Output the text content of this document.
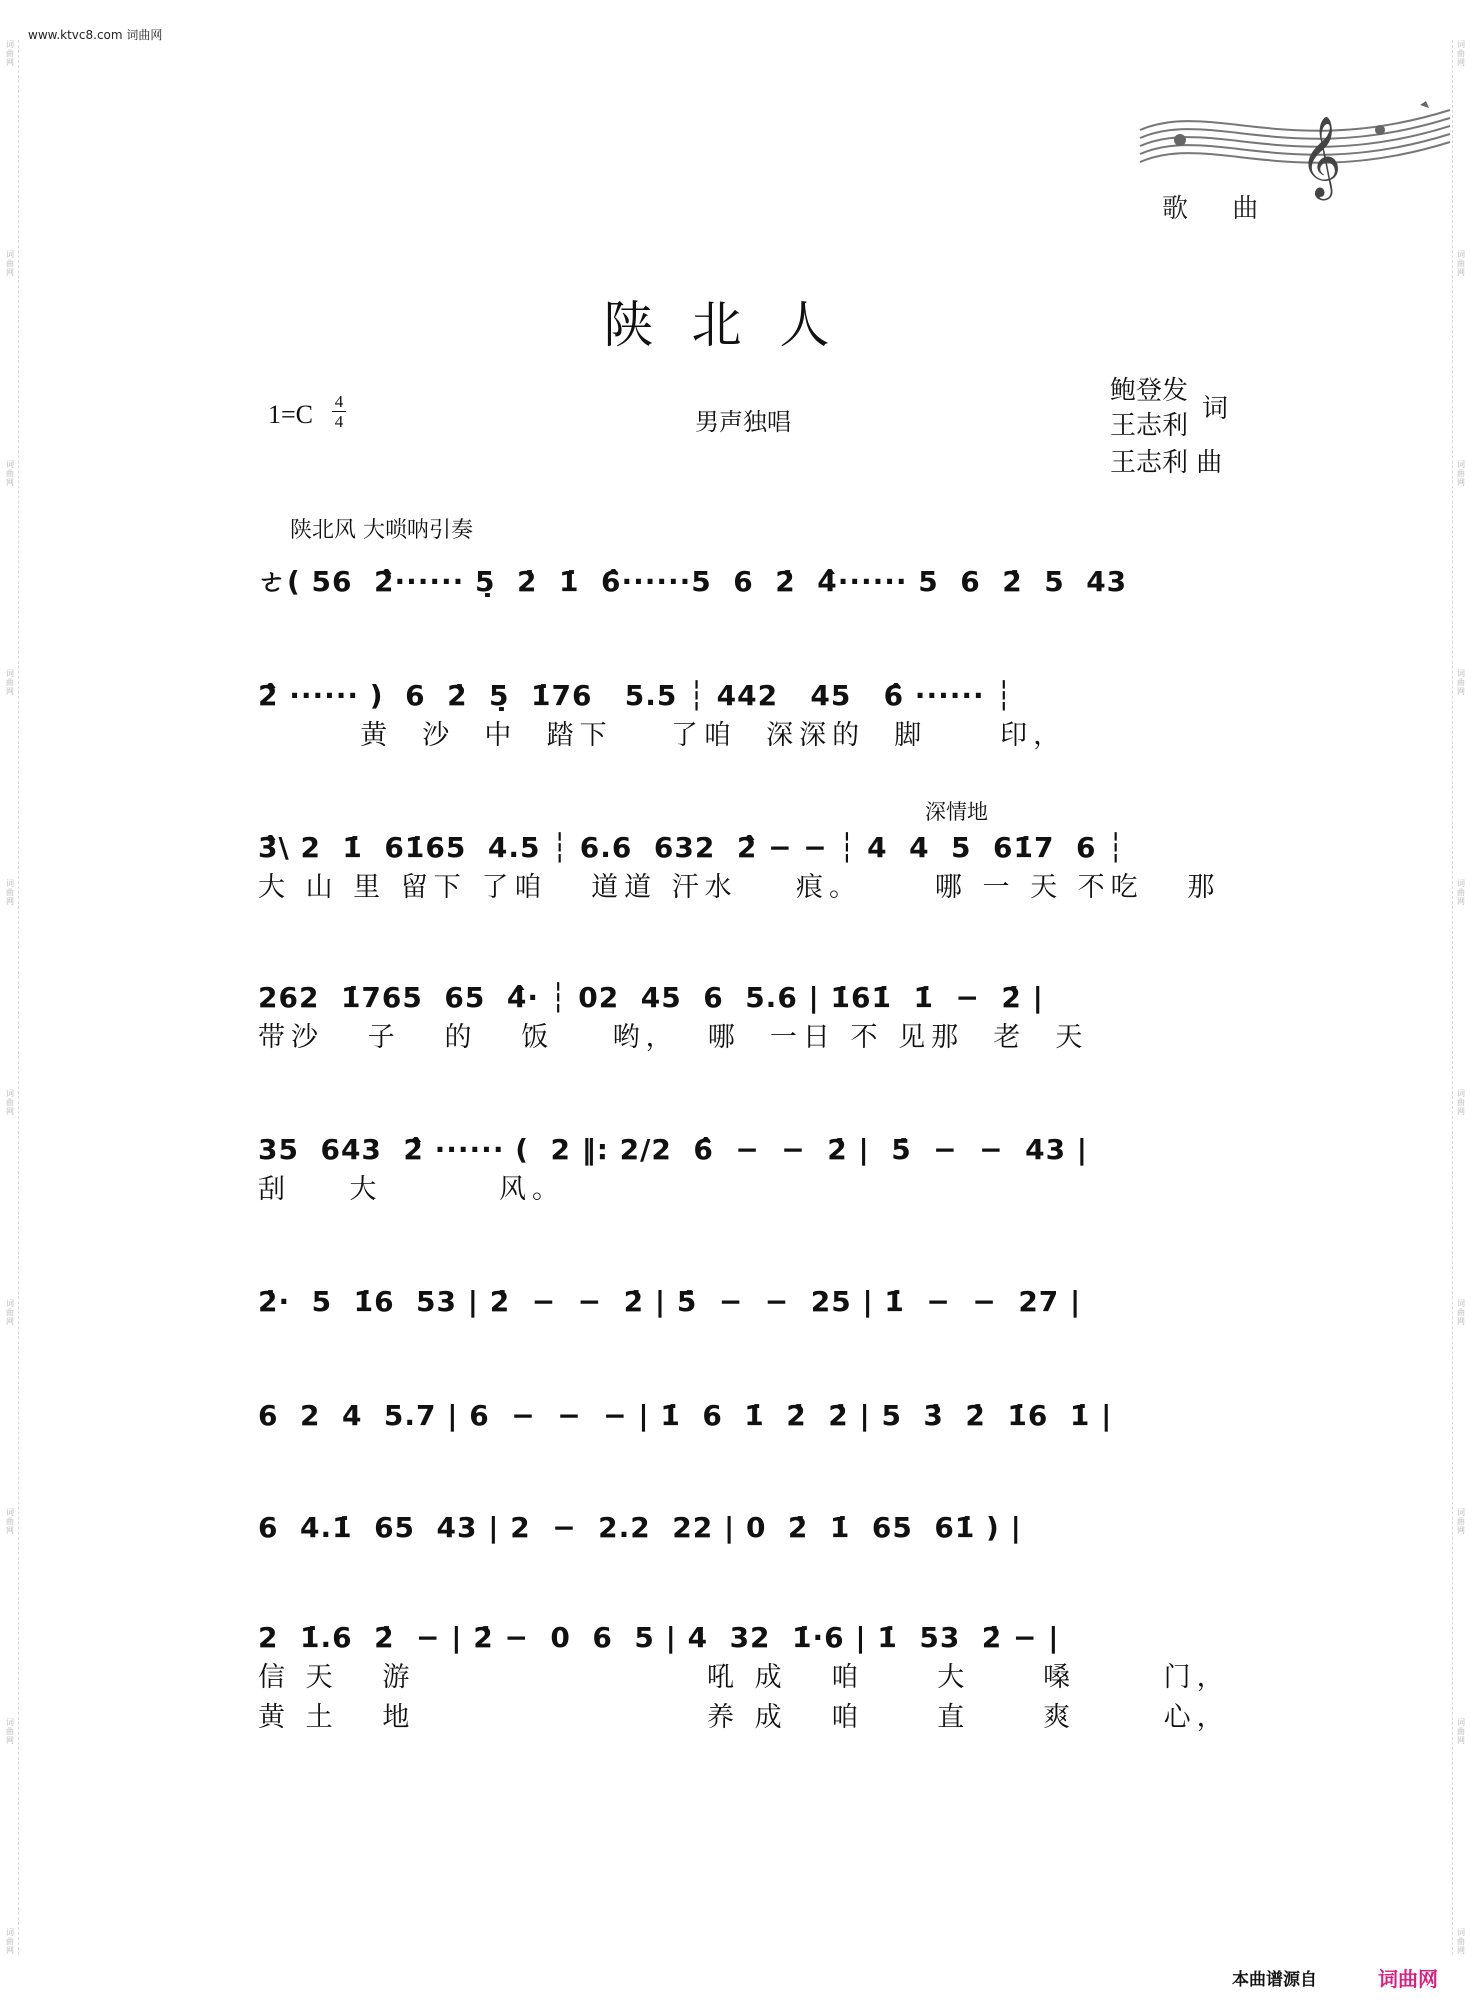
词 曲 网
词 曲 网
词 曲 网
词 曲 网
词 曲 网
词 曲 网
词 曲 网
词 曲 网
词 曲 网
词 曲 网
词 曲 网
词 曲 网
词 曲 网
词 曲 网
词 曲 网
词 曲 网
词 曲 网
词 曲 网
词 曲 网
词 曲 网
www.ktvc8.com 词曲网
𝄞
歌 曲
陕北人
1=C 4
4	男声独唱
鲍登发
王志利
词
王志利 曲
陕北风 大唢呐引奏
ㄜ( 56  2̂̇······ 5̣  2̇  1̇  6̂······5  6  2̇  4̂̇······ 5  6  2̇  5  43
2̂̇ ······ )  6  2̇  5̣  1̇76   5.5 ┆ 442   45   6̂ ······ ┆
黄  沙  中  踏下    了咱  深深的  脚     印，
深情地
3̂\ 2  1̇  61̇65  4.5 ┆ 6.6  632  2̂ − − ┆ 4  4  5  61̇7  6 ┆
大 山 里 留下 了咱   道道 汗水    痕。     哪 一 天 不吃   那
262  1̇765  65  4̂· ┆ 02  45  6  5.6 | 1̇61̇  1̇  −  2̇ |
带沙   子   的   饭    哟，  哪  一日 不 见那  老  天
35  643  2̂̇ ······ (  2 ‖: 2/2  6̂  −  −  2̇ |  5̇  −  −  43 |
刮    大        风。
2̇·  5  1̇6  53 | 2̇  −  −  2̇ | 5̇  −  −  25 | 1̇  −  −  27 |
6  2  4  5.7 | 6  −  −  − | 1̇  6  1̇  2̇  2̇ | 5  3̇  2̇  1̇6  1̇ |
6  4.1̇  65  43 | 2  −  2.2  22 | 0  2̇  1̇  65  61̇ ) |
2  1̇.6  2̇  − | 2̇ −  0  6  5 | 4  32  1̇·6 | 1̇  53  2̇ − |
信 天   游                    吼 成   咱     大     嗓      门，
黄 土   地                    养 成   咱     直     爽      心，
本曲谱源自	词曲网
